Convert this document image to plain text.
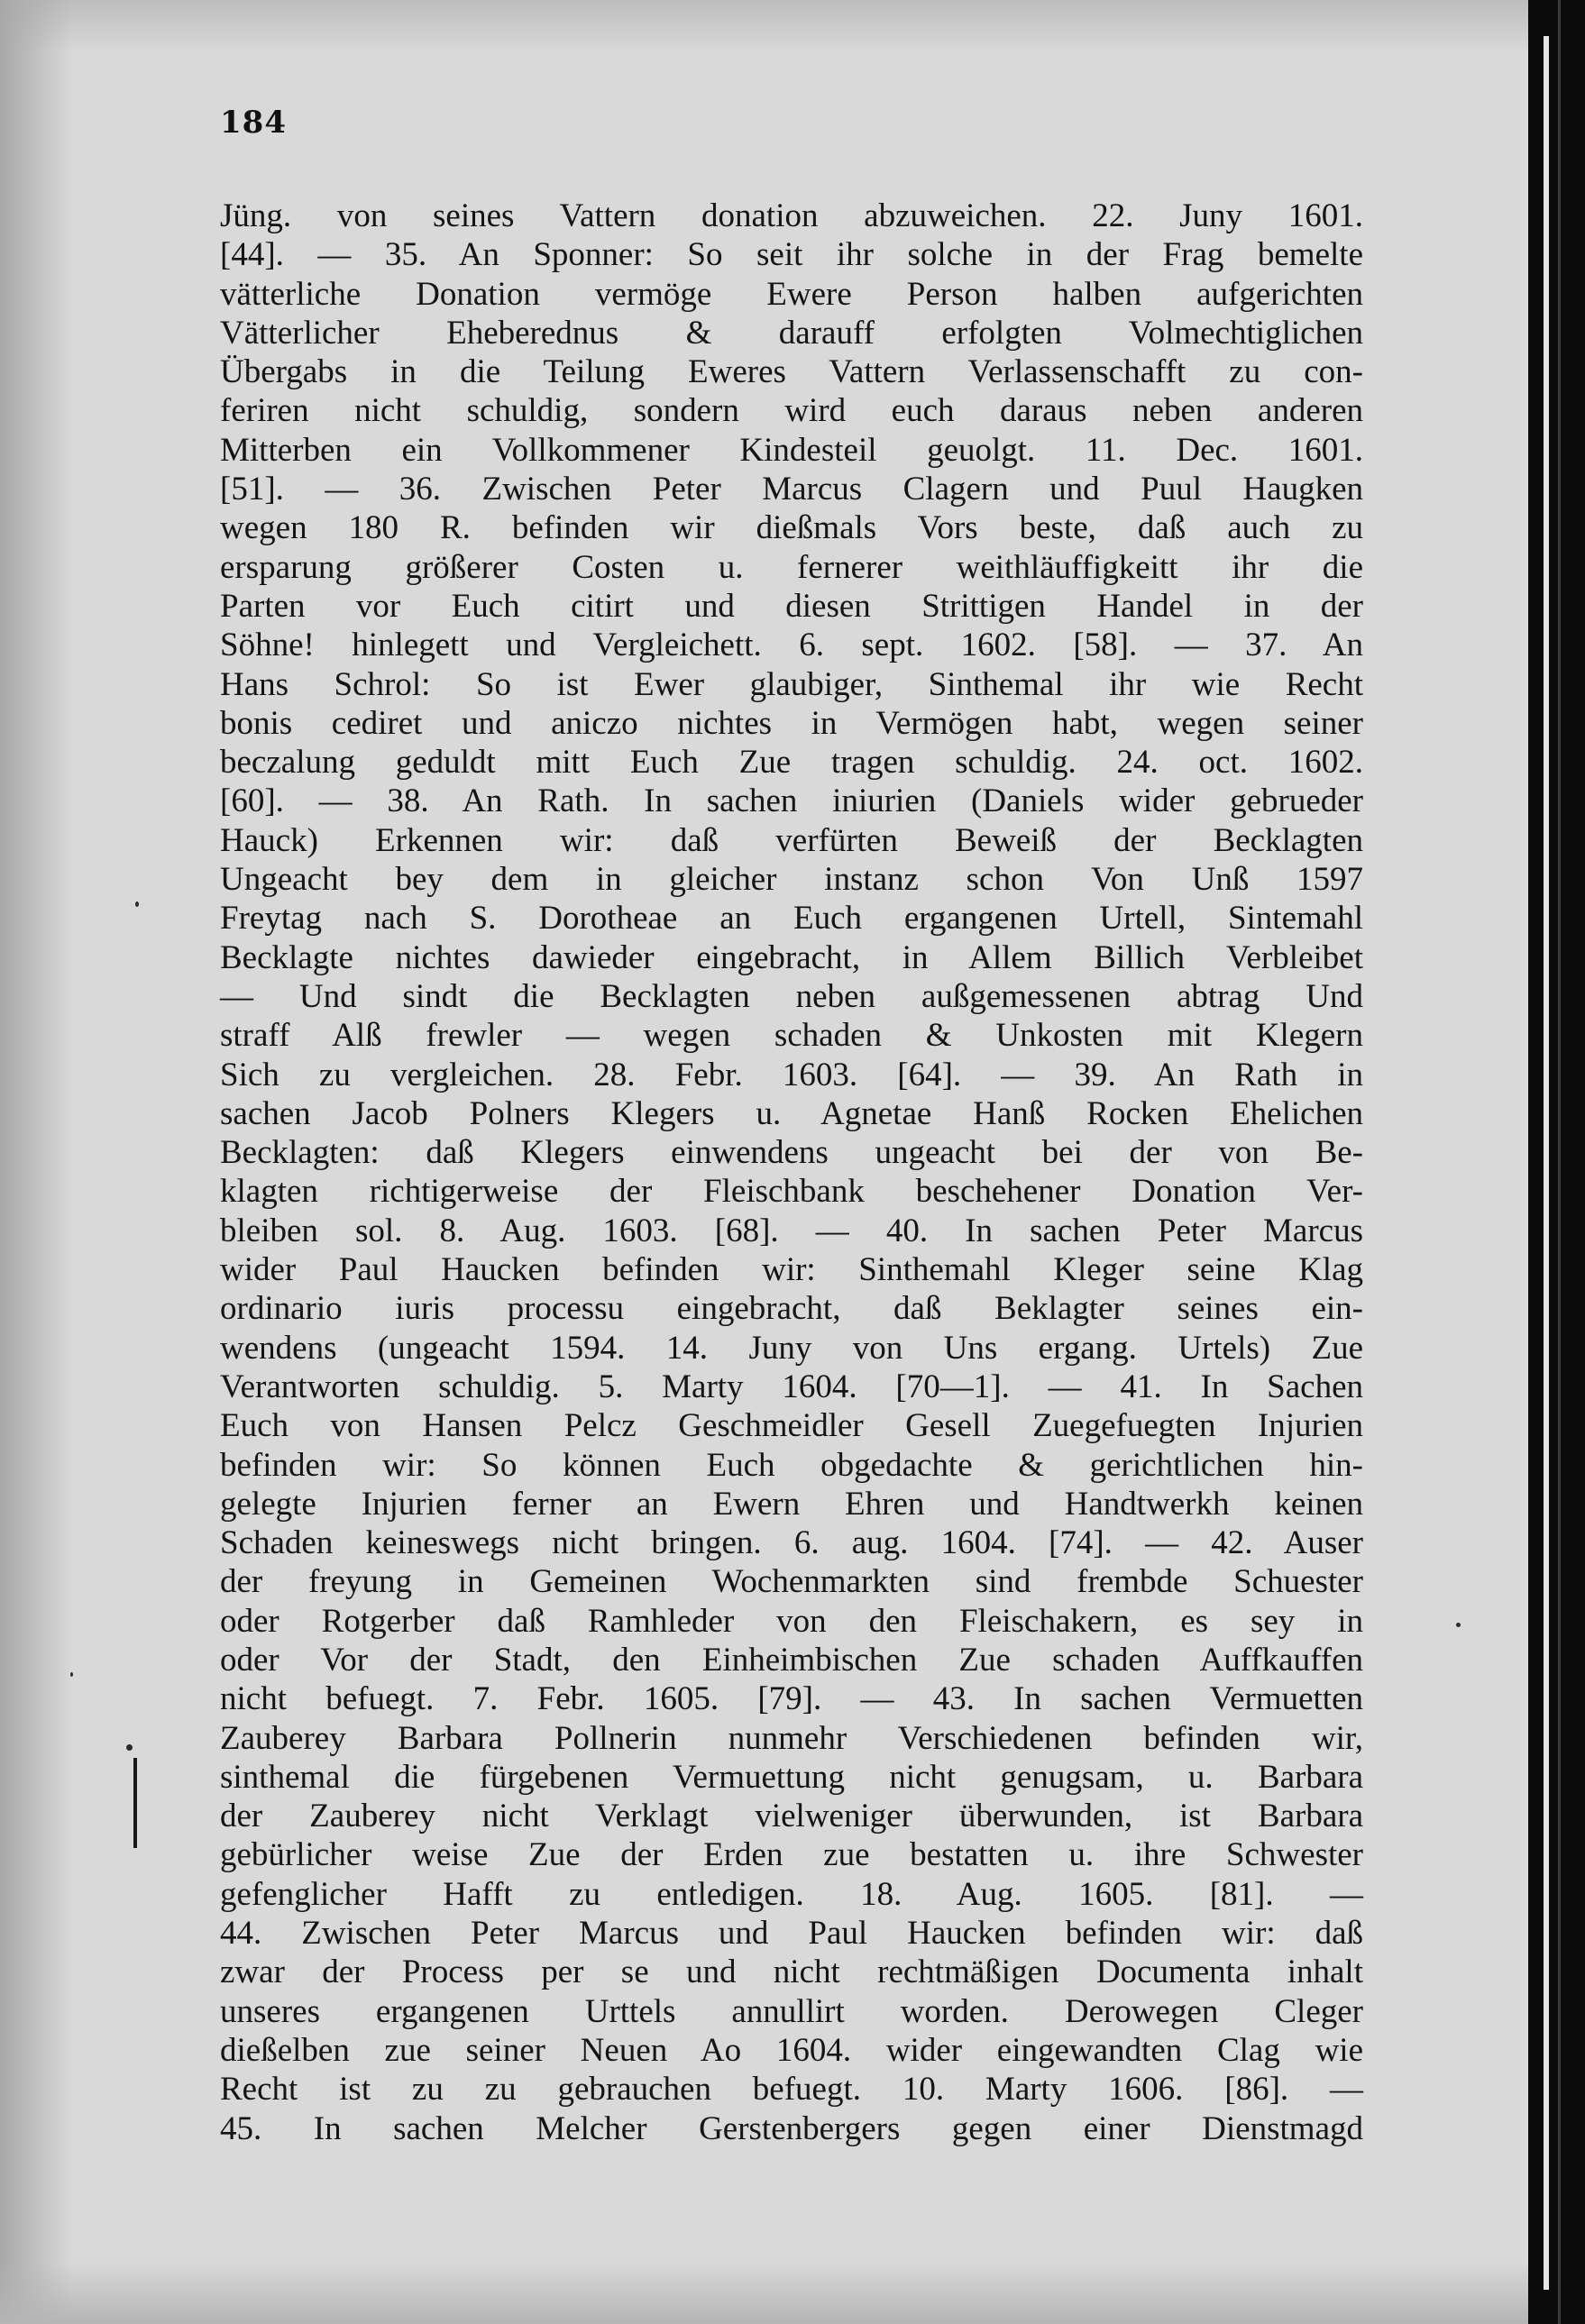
184
Jüng. von seines Vattern donation abzuweichen. 22. Juny 1601.
[44]. — 35. An Sponner: So seit ihr solche in der Frag bemelte
vätterliche Donation vermöge Ewere Person halben aufgerichten
Vätterlicher Eheberednus & darauff erfolgten Volmechtiglichen
Übergabs in die Teilung Eweres Vattern Verlassenschafft zu con-
feriren nicht schuldig, sondern wird euch daraus neben anderen
Mitterben ein Vollkommener Kindesteil geuolgt. 11. Dec. 1601.
[51]. — 36. Zwischen Peter Marcus Clagern und Puul Haugken
wegen 180 R. befinden wir dießmals Vors beste, daß auch zu
ersparung größerer Costen u. fernerer weithläuffigkeitt ihr die
Parten vor Euch citirt und diesen Strittigen Handel in der
Söhne! hinlegett und Vergleichett. 6. sept. 1602. [58]. — 37. An
Hans Schrol: So ist Ewer glaubiger, Sinthemal ihr wie Recht
bonis cediret und aniczo nichtes in Vermögen habt, wegen seiner
beczalung geduldt mitt Euch Zue tragen schuldig. 24. oct. 1602.
[60]. — 38. An Rath. In sachen iniurien (Daniels wider gebrueder
Hauck) Erkennen wir: daß verfürten Beweiß der Becklagten
Ungeacht bey dem in gleicher instanz schon Von Unß 1597
Freytag nach S. Dorotheae an Euch ergangenen Urtell, Sintemahl
Becklagte nichtes dawieder eingebracht, in Allem Billich Verbleibet
— Und sindt die Becklagten neben außgemessenen abtrag Und
straff Alß frewler — wegen schaden & Unkosten mit Klegern
Sich zu vergleichen. 28. Febr. 1603. [64]. — 39. An Rath in
sachen Jacob Polners Klegers u. Agnetae Hanß Rocken Ehelichen
Becklagten: daß Klegers einwendens ungeacht bei der von Be-
klagten richtigerweise der Fleischbank beschehener Donation Ver-
bleiben sol. 8. Aug. 1603. [68]. — 40. In sachen Peter Marcus
wider Paul Haucken befinden wir: Sinthemahl Kleger seine Klag
ordinario iuris processu eingebracht, daß Beklagter seines ein-
wendens (ungeacht 1594. 14. Juny von Uns ergang. Urtels) Zue
Verantworten schuldig. 5. Marty 1604. [70—1]. — 41. In Sachen
Euch von Hansen Pelcz Geschmeidler Gesell Zuegefuegten Injurien
befinden wir: So können Euch obgedachte & gerichtlichen hin-
gelegte Injurien ferner an Ewern Ehren und Handtwerkh keinen
Schaden keineswegs nicht bringen. 6. aug. 1604. [74]. — 42. Auser
der freyung in Gemeinen Wochenmarkten sind frembde Schuester
oder Rotgerber daß Ramhleder von den Fleischakern, es sey in
oder Vor der Stadt, den Einheimbischen Zue schaden Auffkauffen
nicht befuegt. 7. Febr. 1605. [79]. — 43. In sachen Vermuetten
Zauberey Barbara Pollnerin nunmehr Verschiedenen befinden wir,
sinthemal die fürgebenen Vermuettung nicht genugsam, u. Barbara
der Zauberey nicht Verklagt vielweniger überwunden, ist Barbara
gebürlicher weise Zue der Erden zue bestatten u. ihre Schwester
gefenglicher Hafft zu entledigen. 18. Aug. 1605. [81]. —
44. Zwischen Peter Marcus und Paul Haucken befinden wir: daß
zwar der Process per se und nicht rechtmäßigen Documenta inhalt
unseres ergangenen Urttels annullirt worden. Derowegen Cleger
dießelben zue seiner Neuen Ao 1604. wider eingewandten Clag wie
Recht ist zu zu gebrauchen befuegt. 10. Marty 1606. [86]. —
45. In sachen Melcher Gerstenbergers gegen einer Dienstmagd
